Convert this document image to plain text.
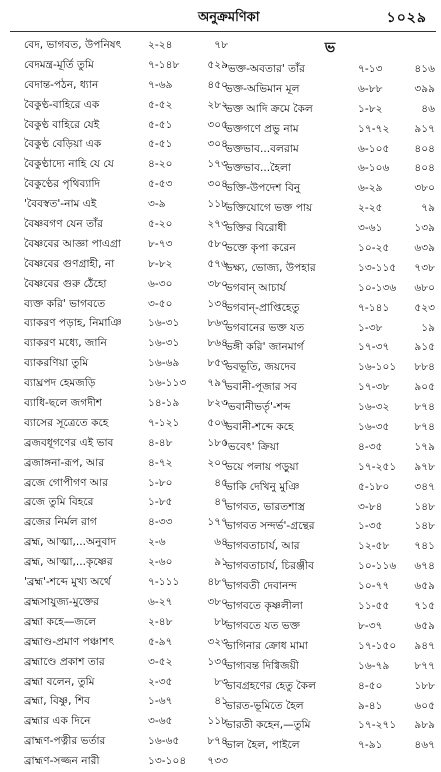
অনুক্রমণিকা	১০২৯
বেদ, ভাগবত, উপনিষৎ	২-২৪	৭৮
বেদমন্ত্র-মূর্তি তুমি	৭-১৪৮	৫২৯
বেদান্ত-পঠন, ধ্যান	৭-৬৯	৪৫০
বৈকুণ্ঠ-বাহিরে এক	৫-৫২	২৮২
বৈকুণ্ঠ বাহিরে যেই	৫-৫১	৩০৫
বৈকুণ্ঠ বেড়িয়া এক	৫-৫১	৩০৪
বৈকুণ্ঠাদ্যে নাহি যে যে	৪-২০	১৭৩
বৈকুণ্ঠের পৃথিব্যাদি	৫-৫৩	৩০৪
'বৈবস্বত'-নাম এই	৩-৯	১১৮
বৈষ্ণবগণ যেন তাঁর	৫-২০	২৭৩
বৈষ্ণবের আজ্ঞা পাএগ্রা	৮-৭৩	৫৮০
বৈষ্ণবের গুণগ্রাহী, না	৮-৮২	৫৭৬
বৈষ্ণবের গুরু ঠেঁহো	৬-৩০	৩৮০
ব্যক্ত করি' ভাগবতে	৩-৫০	১৩৪
ব্যাকরণ পড়াহ, নিমাঞি	১৬-৩১	৮৬৩
ব্যাকরণ মধ্যে, জানি	১৬-৩১	৮৬৪
ব্যাকরণিয়া তুমি	১৬-৬৯	৮৫৩
ব্যাঘ্রপদ হেমজড়ি	১৬-১১৩	৭৯৭
ব্যাধি-ছলে জগদীশ	১৪-১৯	৮২৩
ব্যাসের সূত্রেতে কহে	৭-১২১	৫০৬
ব্রজবধূগণের এই ভাব	৪-৪৮	১৮৫
ব্রজাঙ্গনা-রূপ, আর	৪-৭২	২০০
ব্রজে গোপীগণ আর	১-৮০	৪৫
ব্রজে তুমি বিহরে	১-৮৫	৪৭
ব্রজের নির্মল রাগ	৪-৩৩	১৭৭
ব্রহ্ম, আত্মা,...অনুবাদ	২-৬	৬৪
ব্রহ্ম, আত্মা,...কৃষ্ণের	২-৬০	৯১
'ব্রহ্ম'-শব্দে মুখ্য অর্থে	৭-১১১	৪৮৭
ব্রহ্মসাযুজ্য-মুক্তের	৬-২৭	৩৮০
ব্রহ্মা কহে—জলে	২-৪৮	৮৮
ব্রহ্মাণ্ড-প্রমাণ পঞ্চাশৎ	৫-৯৭	৩২৩
ব্রহ্মাণ্ডে প্রকাশ তার	৩-৫২	১৩৫
ব্রহ্মা বলেন, তুমি	২-৩৫	৮৩
ব্রহ্মা, বিষ্ণু, শিব	১-৬৭	৪১
ব্রহ্মার এক দিনে	৩-৬৫	১১৮
ব্রাহ্মণ-পত্নীর ভর্তার	১৬-৬৫	৮৭৪
ব্রাহ্মণ-সজ্জন নারী	১৩-১০৪	৭৩৩
ভ
'ভক্ত-অবতার' তাঁর	৭-১৩	৪১৬
ভক্ত-অভিমান মূল	৬-৮৮	৩৯৯
ভক্ত আদি ক্রমে কৈল	১-৮২	৪৬
ভক্তগণে প্রভু নাম	১৭-৭২	৯১৭
ভক্তভাব...বলরাম	৬-১০৫	৪০৪
ভক্তভাব...হৈলা	৬-১০৬	৪০৪
ভক্তি-উপদেশ বিনু	৬-২৯	৩৮০
ভক্তিযোগে ভক্ত পায়	২-২৫	৭৯
ভক্তির বিরোধী	৩-৬১	১৩৯
ভক্তে কৃপা করেন	১০-২৫	৬৩৯
ভক্ষ্য, ভোজ্য, উপহার	১৩-১১৫	৭৩৮
ভগবান্ আচার্য	১০-১৩৬	৬৮০
ভগবান্-প্রাপ্তিহেতু	৭-১৪১	৫২৩
ভগবানের ভক্ত যত	১-৩৮	১৯
ভঙ্গী করি' জানমার্গ	১৭-৩৭	৯১৫
ভবভূতি, জয়দেব	১৬-১০১	৮৮৪
ভবানী-পূজার সব	১৭-৩৮	৯০৫
'ভবানীভর্তৃ'-শব্দ	১৬-৩২	৮৭৪
ভবানী-শব্দে কহে	১৬-৩৫	৮৭৪
'ভবেৎ' ক্রিয়া	৪-৩৫	১৭৯
ভয়ে পলায় পড়ুয়া	১৭-২৫১	৯৭৮
ভাকি দেখিনু মুঞি	৫-১৮০	৩৪৭
ভাগবত, ভারতশাস্ত্র	৩-৮৪	১৪৮
ভাগবত সন্দর্ভ'-গ্রন্থের	১-৩৫	১৪৮
ভাগবতাচার্য, আর	১২-৫৮	৭৪১
ভাগবতাচার্য, চিরঞ্জীব	১০-১১৬	৬৭৪
ভাগবতী দেবানন্দ	১০-৭৭	৬৫৯
ভাগবতে কৃষ্ণলীলা	১১-৫৫	৭১৫
ভাগবতে যত ভক্ত	৮-৩৭	৬৫৯
ভাগিনার ক্রোধ মামা	১৭-১৫০	৯৪৭
ভাগ্যবন্ত দিগ্বিজয়ী	১৬-৭৯	৮৭৭
ভাবগ্রহণের হেতু কৈল	৪-৫০	১৮৮
ভারত-ভূমিতে হৈল	৯-৪১	৬০৫
ভারতী কহেন,—তুমি	১৭-২৭১	৯৮৯
ভাল হৈল, পাইলে	৭-৯১	৪৬৭
